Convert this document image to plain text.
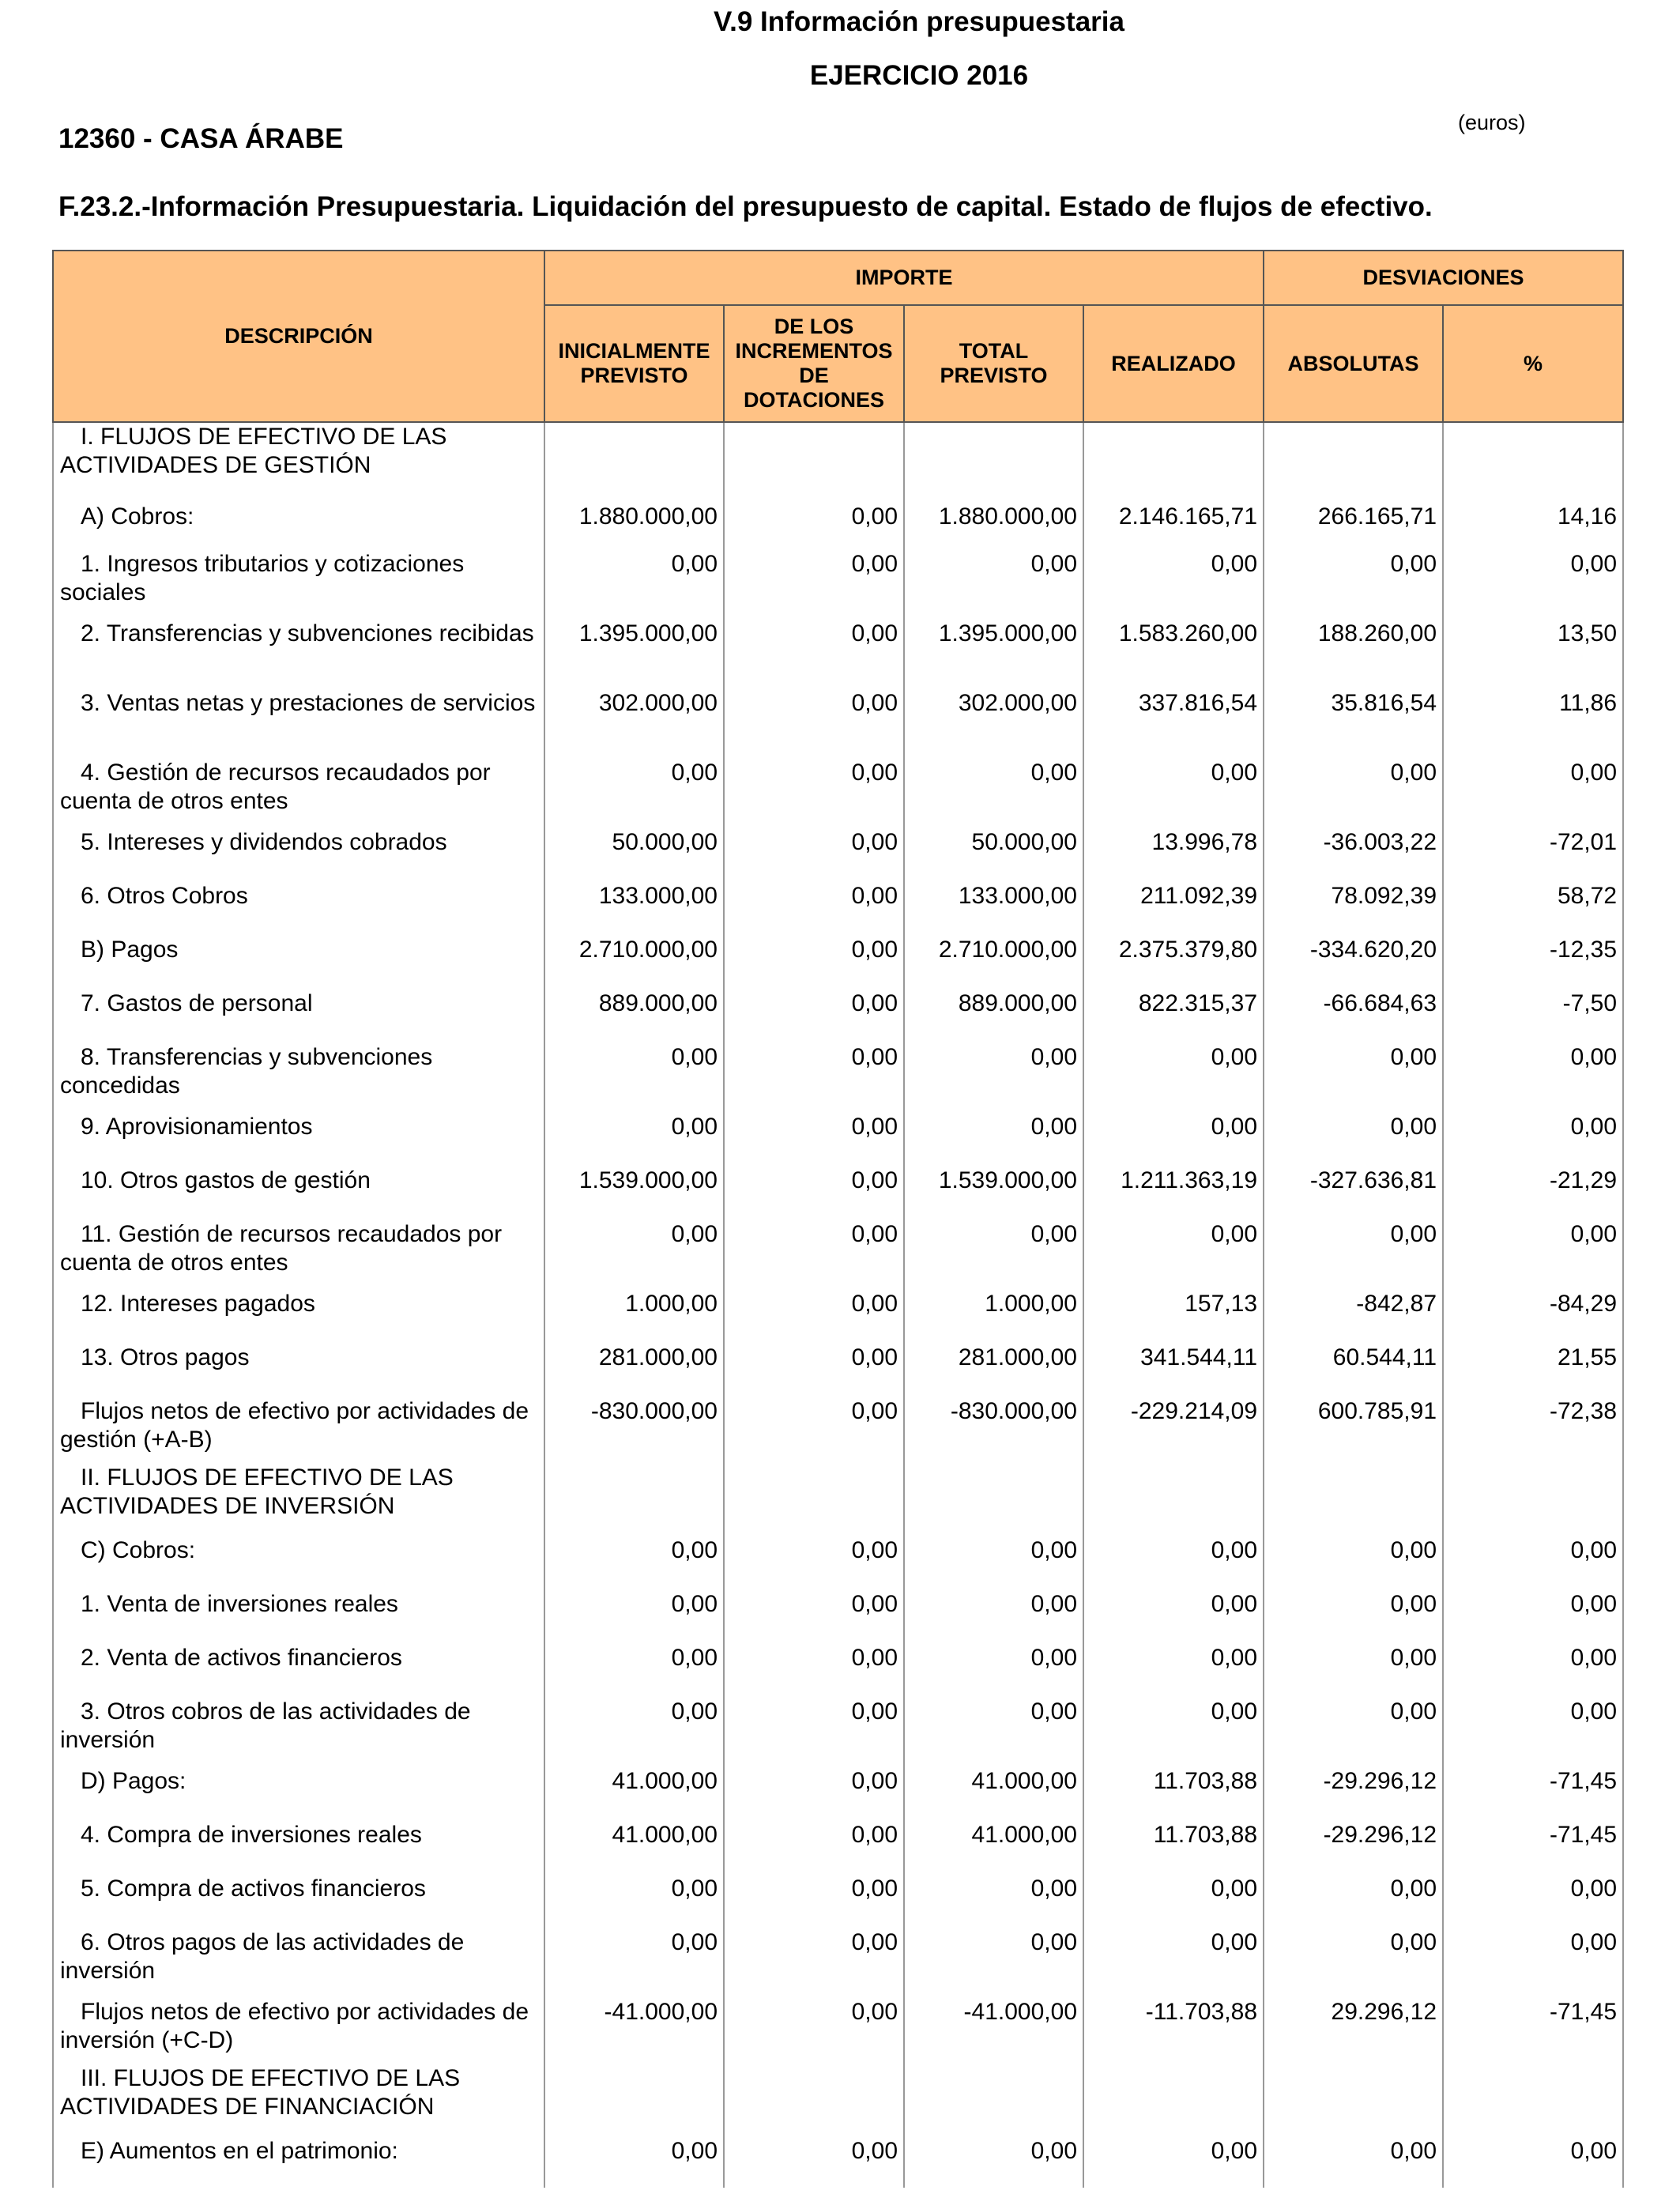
V.9 Información presupuestaria
EJERCICIO 2016
12360 - CASA ÁRABE
(euros)
F.23.2.-Información Presupuestaria. Liquidación del presupuesto de capital. Estado de flujos de efectivo.
DESCRIPCIÓN	IMPORTE				DESVIACIONES	
	INICIALMENTE PREVISTO	DE LOS INCREMENTOS DE DOTACIONES	TOTAL PREVISTO	REALIZADO	ABSOLUTAS	%

I. FLUJOS DE EFECTIVO DE LAS ACTIVIDADES DE GESTIÓN						

A) Cobros:	1.880.000,00	0,00	1.880.000,00	2.146.165,71	266.165,71	14,16

1. Ingresos tributarios y cotizaciones sociales	0,00	0,00	0,00	0,00	0,00	0,00

2. Transferencias y subvenciones recibidas	1.395.000,00	0,00	1.395.000,00	1.583.260,00	188.260,00	13,50

3. Ventas netas y prestaciones de servicios	302.000,00	0,00	302.000,00	337.816,54	35.816,54	11,86

4. Gestión de recursos recaudados por cuenta de otros entes	0,00	0,00	0,00	0,00	0,00	0,00

5. Intereses y dividendos cobrados	50.000,00	0,00	50.000,00	13.996,78	-36.003,22	-72,01

6. Otros Cobros	133.000,00	0,00	133.000,00	211.092,39	78.092,39	58,72

B) Pagos	2.710.000,00	0,00	2.710.000,00	2.375.379,80	-334.620,20	-12,35

7. Gastos de personal	889.000,00	0,00	889.000,00	822.315,37	-66.684,63	-7,50

8. Transferencias y subvenciones concedidas	0,00	0,00	0,00	0,00	0,00	0,00

9. Aprovisionamientos	0,00	0,00	0,00	0,00	0,00	0,00

10. Otros gastos de gestión	1.539.000,00	0,00	1.539.000,00	1.211.363,19	-327.636,81	-21,29

11. Gestión de recursos recaudados por cuenta de otros entes	0,00	0,00	0,00	0,00	0,00	0,00

12. Intereses pagados	1.000,00	0,00	1.000,00	157,13	-842,87	-84,29

13. Otros pagos	281.000,00	0,00	281.000,00	341.544,11	60.544,11	21,55

Flujos netos de efectivo por actividades de gestión (+A-B)	-830.000,00	0,00	-830.000,00	-229.214,09	600.785,91	-72,38

II. FLUJOS DE EFECTIVO DE LAS ACTIVIDADES DE INVERSIÓN						

C) Cobros:	0,00	0,00	0,00	0,00	0,00	0,00

1. Venta de inversiones reales	0,00	0,00	0,00	0,00	0,00	0,00

2. Venta de activos financieros	0,00	0,00	0,00	0,00	0,00	0,00

3. Otros cobros de las actividades de inversión	0,00	0,00	0,00	0,00	0,00	0,00

D) Pagos:	41.000,00	0,00	41.000,00	11.703,88	-29.296,12	-71,45

4. Compra de inversiones reales	41.000,00	0,00	41.000,00	11.703,88	-29.296,12	-71,45

5. Compra de activos financieros	0,00	0,00	0,00	0,00	0,00	0,00

6. Otros pagos de las actividades de inversión	0,00	0,00	0,00	0,00	0,00	0,00

Flujos netos de efectivo por actividades de inversión (+C-D)	-41.000,00	0,00	-41.000,00	-11.703,88	29.296,12	-71,45

III. FLUJOS DE EFECTIVO DE LAS ACTIVIDADES DE FINANCIACIÓN						

E) Aumentos en el patrimonio:	0,00	0,00	0,00	0,00	0,00	0,00
